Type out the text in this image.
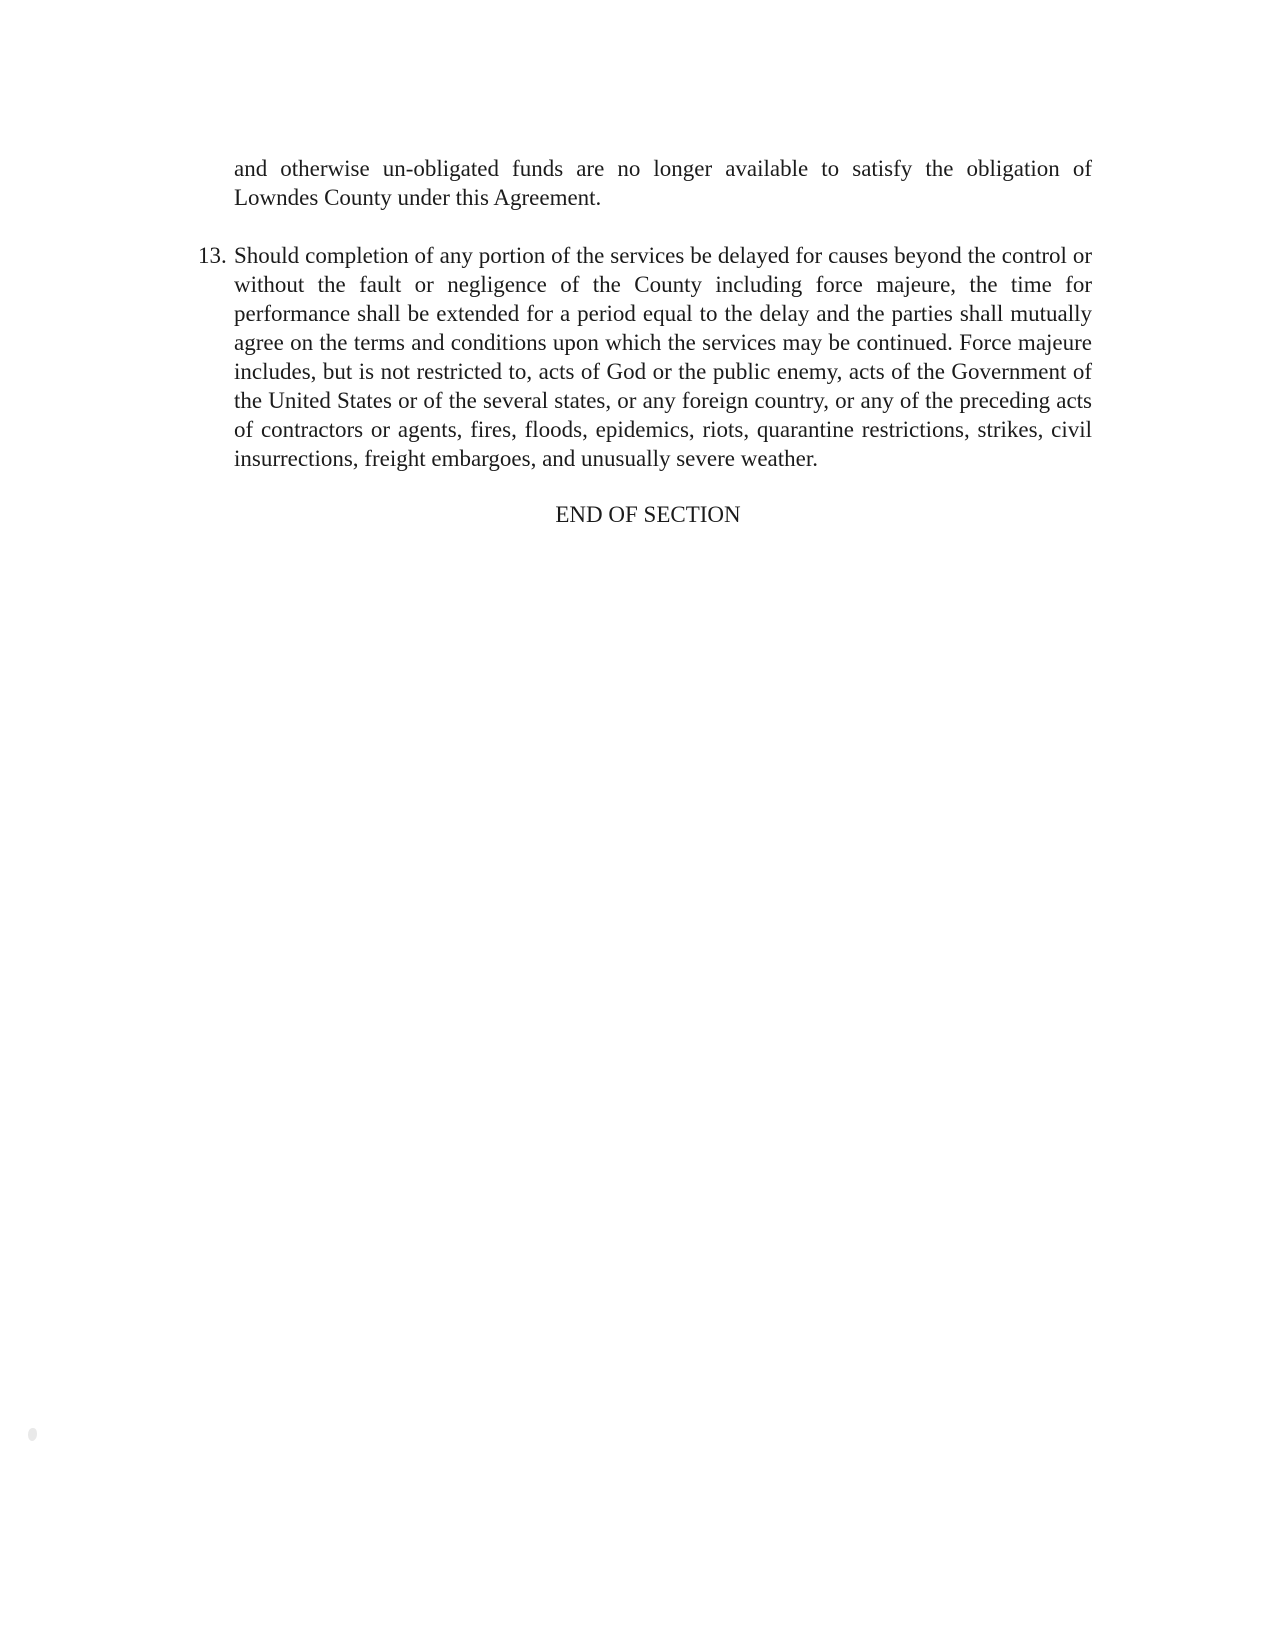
and otherwise un-obligated funds are no longer available to satisfy the obligation of Lowndes County under this Agreement.

13. Should completion of any portion of the services be delayed for causes beyond the control or without the fault or negligence of the County including force majeure, the time for performance shall be extended for a period equal to the delay and the parties shall mutually agree on the terms and conditions upon which the services may be continued. Force majeure includes, but is not restricted to, acts of God or the public enemy, acts of the Government of the United States or of the several states, or any foreign country, or any of the preceding acts of contractors or agents, fires, floods, epidemics, riots, quarantine restrictions, strikes, civil insurrections, freight embargoes, and unusually severe weather.

END OF SECTION
